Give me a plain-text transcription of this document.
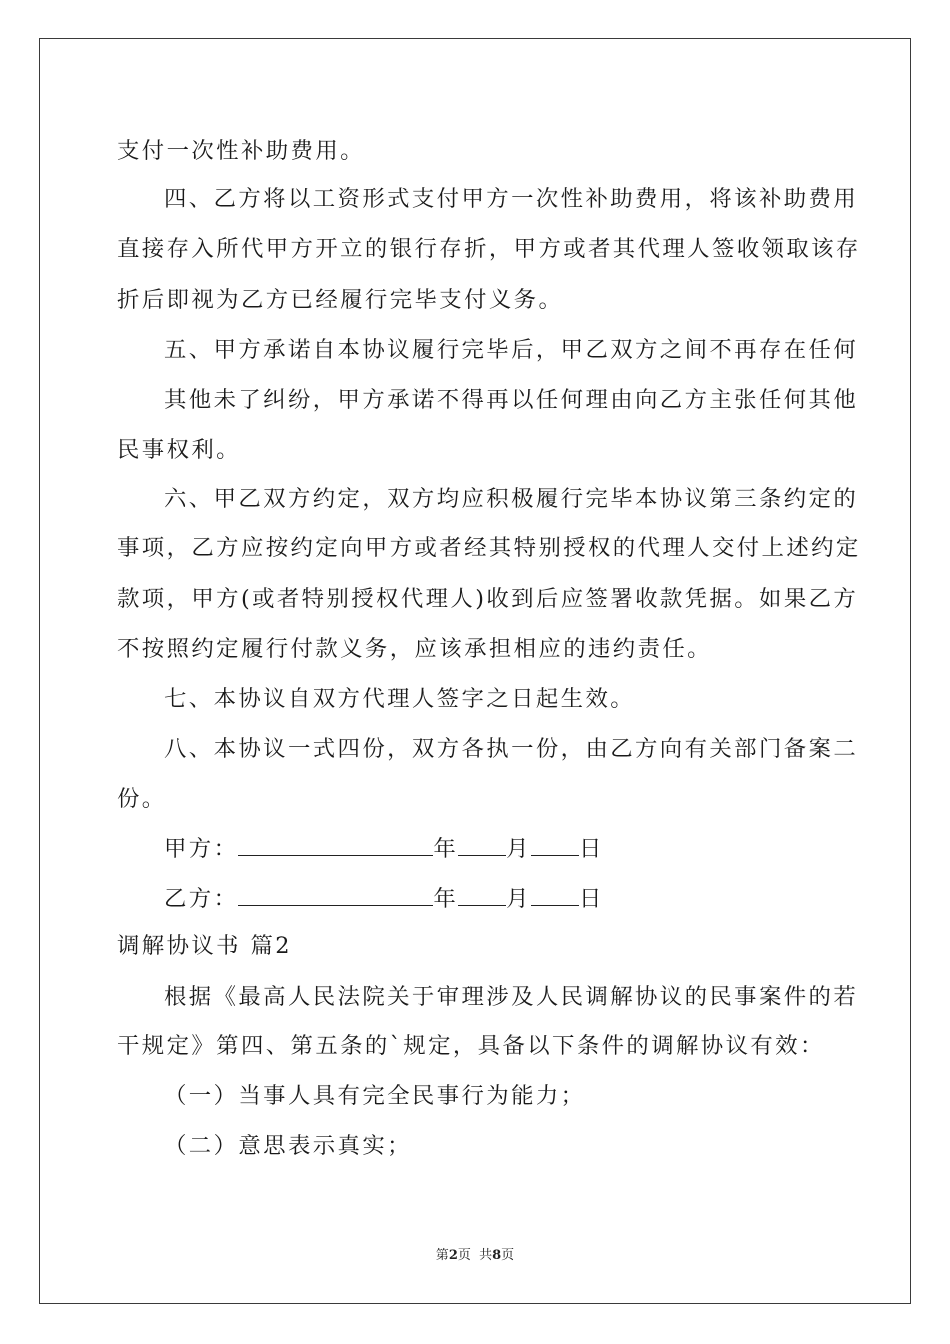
支付一次性补助费用。
四、乙方将以工资形式支付甲方一次性补助费用，将该补助费用
直接存入所代甲方开立的银行存折，甲方或者其代理人签收领取该存
折后即视为乙方已经履行完毕支付义务。
五、甲方承诺自本协议履行完毕后，甲乙双方之间不再存在任何
其他未了纠纷，甲方承诺不得再以任何理由向乙方主张任何其他
民事权利。
六、甲乙双方约定，双方均应积极履行完毕本协议第三条约定的
事项，乙方应按约定向甲方或者经其特别授权的代理人交付上述约定
款项，甲方(或者特别授权代理人)收到后应签署收款凭据。如果乙方
不按照约定履行付款义务，应该承担相应的违约责任。
七、本协议自双方代理人签字之日起生效。
八、本协议一式四份，双方各执一份，由乙方向有关部门备案二
份。
甲方：	年 月 日
乙方：	年 月 日
调解协议书 篇2
根据《最高人民法院关于审理涉及人民调解协议的民事案件的若
干规定》第四、第五条的`规定，具备以下条件的调解协议有效：
（一）当事人具有完全民事行为能力；
（二）意思表示真实；
第2页  共8页
